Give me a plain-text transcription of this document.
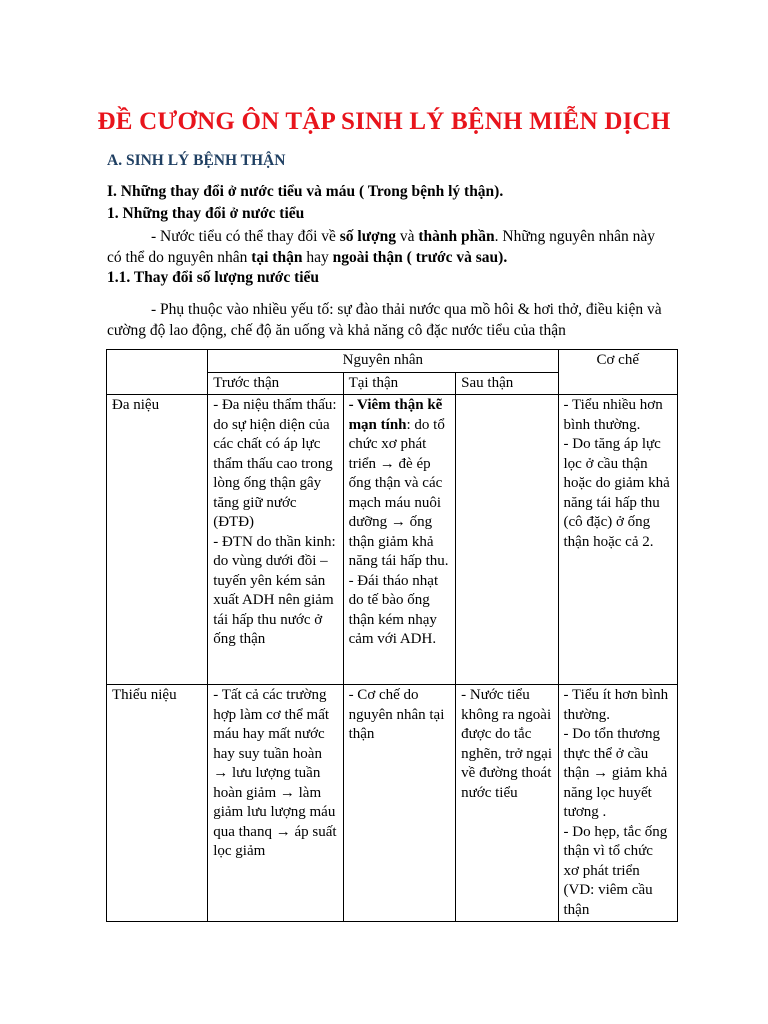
ĐỀ CƯƠNG ÔN TẬP SINH LÝ BỆNH MIỄN DỊCH
A. SINH LÝ BỆNH THẬN
I. Những thay đổi ở nước tiểu và máu ( Trong bệnh lý thận).
1. Những thay đổi ở nước tiểu
- Nước tiểu có thể thay đổi về số lượng và thành phần. Những nguyên nhân này có thể do nguyên nhân tại thận hay ngoài thận ( trước và sau).
1.1. Thay đổi số lượng nước tiểu
- Phụ thuộc vào nhiều yếu tố: sự đào thải nước qua mồ hôi & hơi thở, điều kiện và cường độ lao động, chế độ ăn uống và khả năng cô đặc nước tiểu của thận
	Nguyên nhân			Cơ chế
	Trước thận	Tại thận	Sau thận	
Đa niệu	- Đa niệu thẩm thấu: do sự hiện diện của các chất có áp lực thẩm thấu cao trong lòng ống thận gây tăng giữ nước (ĐTĐ)
- ĐTN do thần kinh: do vùng dưới đồi – tuyến yên kém sản xuất ADH nên giảm tái hấp thu nước ở ống thận	- Viêm thận kẽ mạn tính: do tổ chức xơ phát triển → đè ép ống thận và các mạch máu nuôi dưỡng → ống thận giảm khả năng tái hấp thu.
- Đái tháo nhạt do tế bào ống thận kém nhạy cảm với ADH.		- Tiểu nhiều hơn bình thường.
- Do tăng áp lực lọc ở cầu thận hoặc do giảm khả năng tái hấp thu (cô đặc) ở ống thận hoặc cả 2.
Thiểu niệu	- Tất cả các trường hợp làm cơ thể mất máu hay mất nước hay suy tuần hoàn → lưu lượng tuần hoàn giảm → làm giảm lưu lượng máu qua thanq → áp suất lọc giảm	- Cơ chế do nguyên nhân tại thận	- Nước tiểu không ra ngoài được do tắc nghẽn, trở ngại về đường thoát nước tiểu	- Tiểu ít hơn bình thường.
- Do tổn thương thực thể ở cầu thận → giảm khả năng lọc huyết tương .
- Do hẹp, tắc ống thận vì tổ chức xơ phát triển (VD: viêm cầu thận
